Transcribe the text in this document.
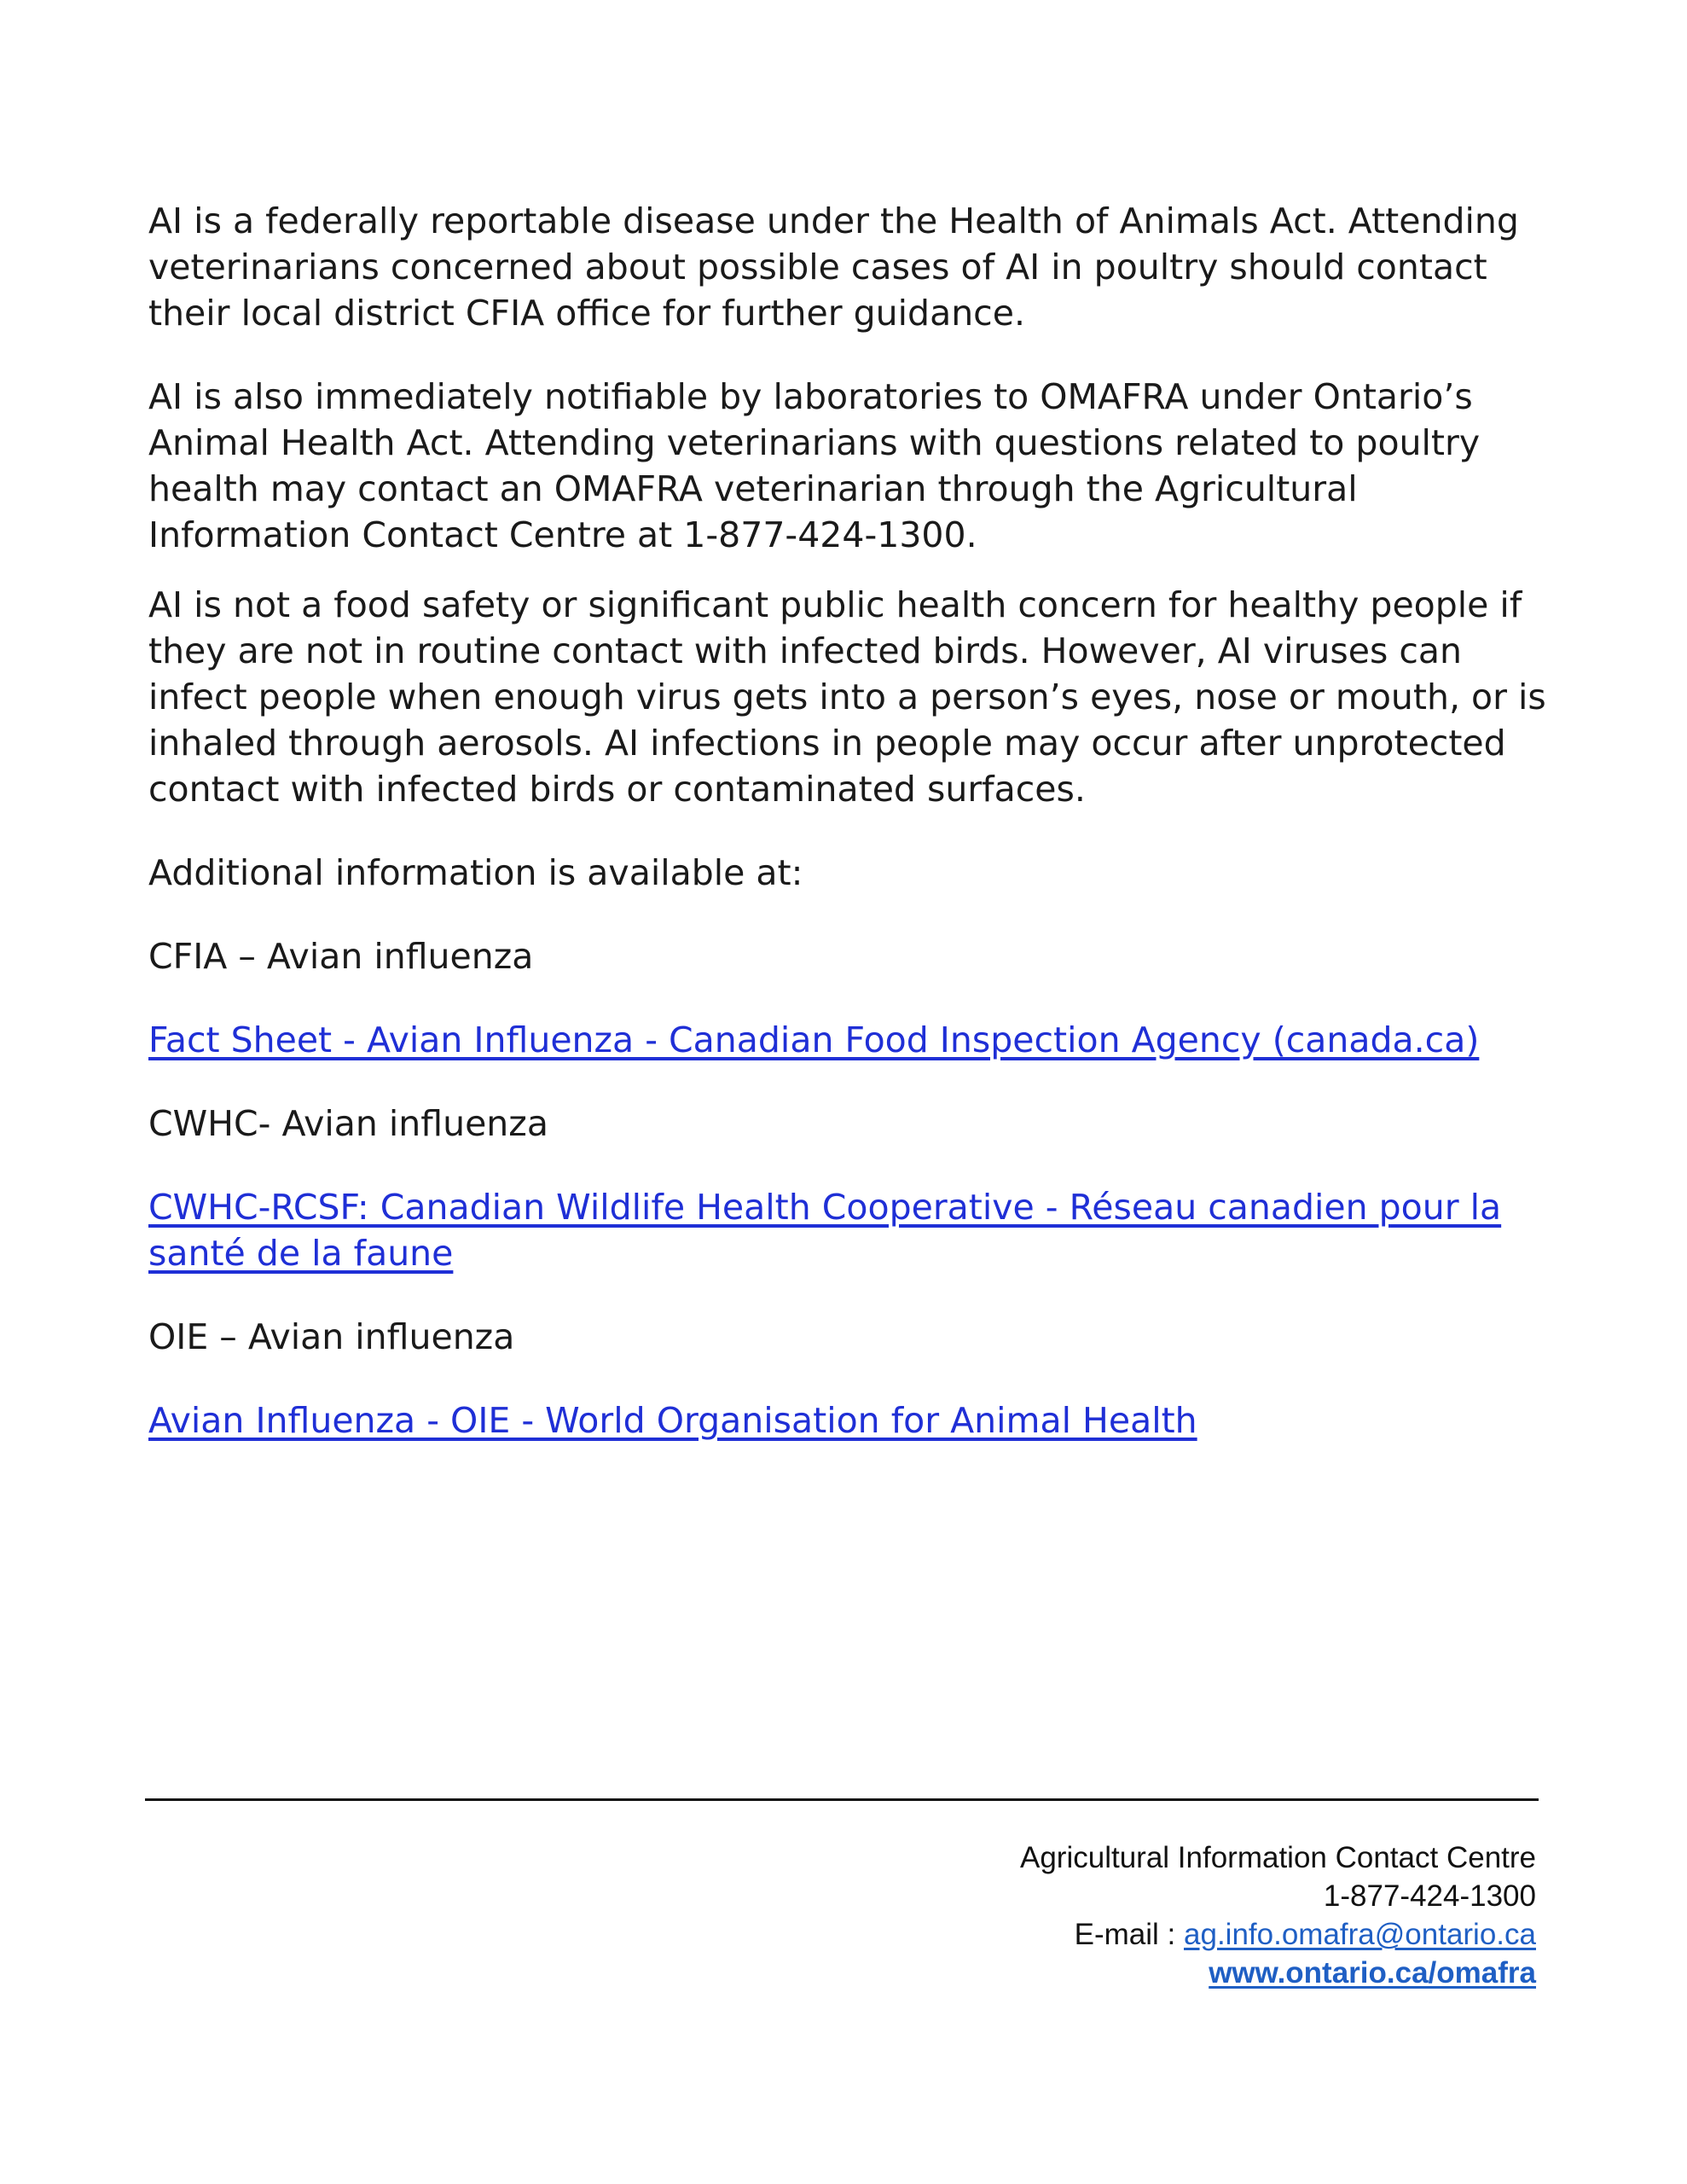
AI is a federally reportable disease under the Health of Animals Act. Attending veterinarians concerned about possible cases of AI in poultry should contact their local district CFIA office for further guidance.

AI is also immediately notifiable by laboratories to OMAFRA under Ontario’s Animal Health Act. Attending veterinarians with questions related to poultry health may contact an OMAFRA veterinarian through the Agricultural Information Contact Centre at 1-877-424-1300.

AI is not a food safety or significant public health concern for healthy people if they are not in routine contact with infected birds. However, AI viruses can infect people when enough virus gets into a person’s eyes, nose or mouth, or is inhaled through aerosols. AI infections in people may occur after unprotected contact with infected birds or contaminated surfaces.

Additional information is available at:

CFIA – Avian influenza

Fact Sheet - Avian Influenza - Canadian Food Inspection Agency (canada.ca)

CWHC- Avian influenza

CWHC-RCSF: Canadian Wildlife Health Cooperative - Réseau canadien pour la santé de la faune

OIE – Avian influenza

Avian Influenza - OIE - World Organisation for Animal Health

Agricultural Information Contact Centre
1-877-424-1300
E-mail : ag.info.omafra@ontario.ca
www.ontario.ca/omafra
